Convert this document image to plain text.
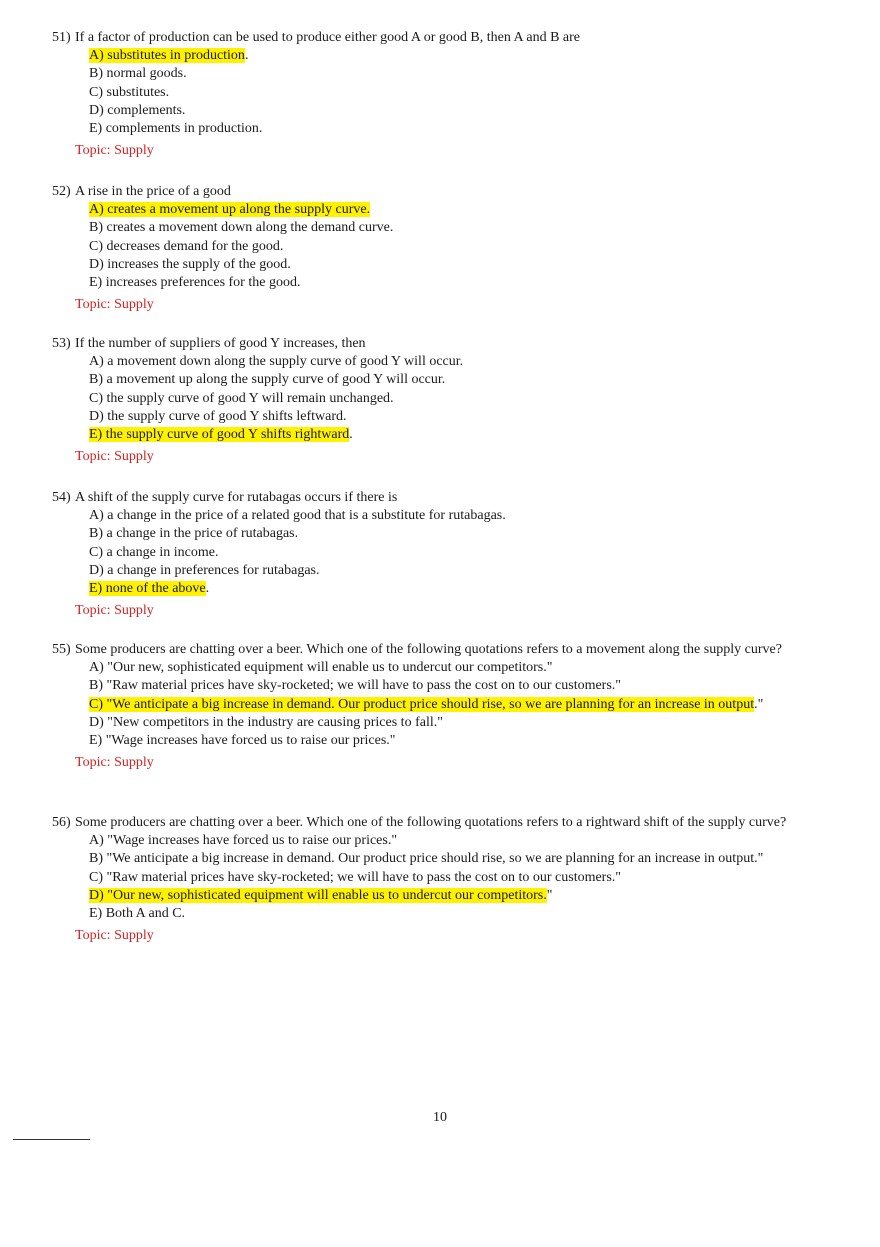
51) If a factor of production can be used to produce either good A or good B, then A and B are
A) substitutes in production.
B) normal goods.
C) substitutes.
D) complements.
E) complements in production.
Topic: Supply
52) A rise in the price of a good
A) creates a movement up along the supply curve.
B) creates a movement down along the demand curve.
C) decreases demand for the good.
D) increases the supply of the good.
E) increases preferences for the good.
Topic: Supply
53) If the number of suppliers of good Y increases, then
A) a movement down along the supply curve of good Y will occur.
B) a movement up along the supply curve of good Y will occur.
C) the supply curve of good Y will remain unchanged.
D) the supply curve of good Y shifts leftward.
E) the supply curve of good Y shifts rightward.
Topic: Supply
54) A shift of the supply curve for rutabagas occurs if there is
A) a change in the price of a related good that is a substitute for rutabagas.
B) a change in the price of rutabagas.
C) a change in income.
D) a change in preferences for rutabagas.
E) none of the above.
Topic: Supply
55) Some producers are chatting over a beer. Which one of the following quotations refers to a movement along the supply curve?
A) "Our new, sophisticated equipment will enable us to undercut our competitors."
B) "Raw material prices have sky-rocketed; we will have to pass the cost on to our customers."
C) "We anticipate a big increase in demand. Our product price should rise, so we are planning for an increase in output."
D) "New competitors in the industry are causing prices to fall."
E) "Wage increases have forced us to raise our prices."
Topic: Supply
56) Some producers are chatting over a beer. Which one of the following quotations refers to a rightward shift of the supply curve?
A) "Wage increases have forced us to raise our prices."
B) "We anticipate a big increase in demand. Our product price should rise, so we are planning for an increase in output."
C) "Raw material prices have sky-rocketed; we will have to pass the cost on to our customers."
D) "Our new, sophisticated equipment will enable us to undercut our competitors."
E) Both A and C.
Topic: Supply
10
